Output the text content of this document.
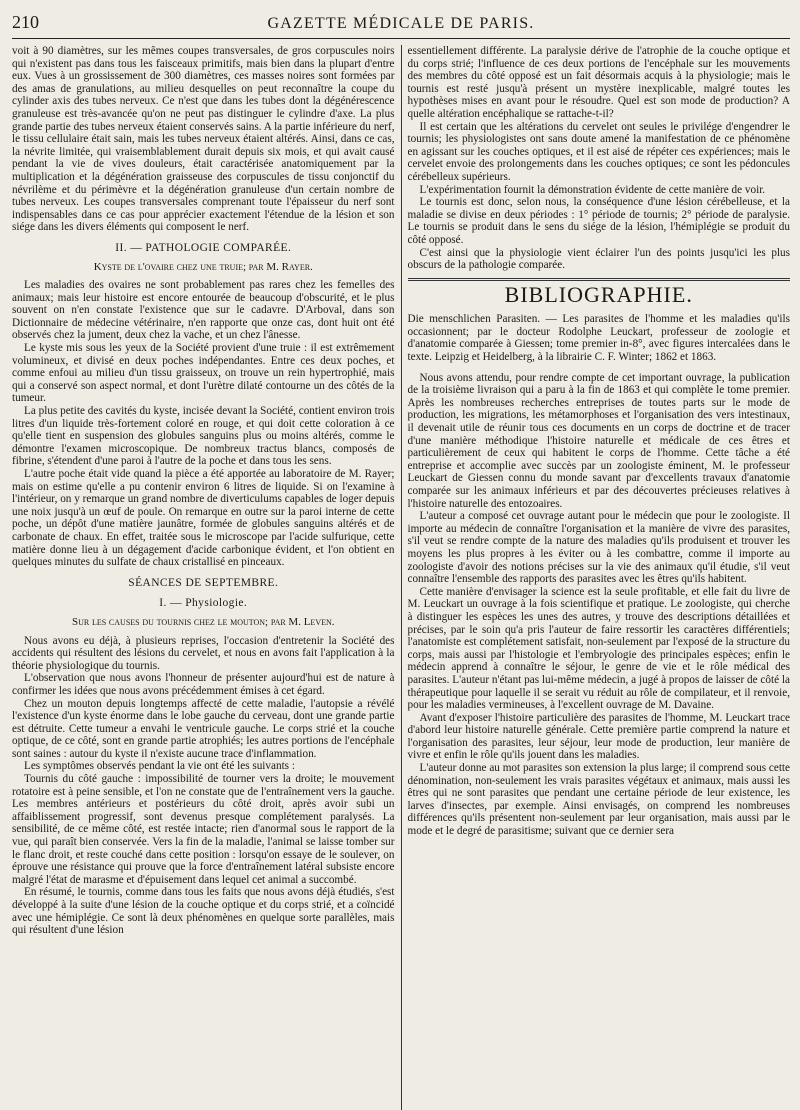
210	GAZETTE MÉDICALE DE PARIS.

voit à 90 diamètres, sur les mêmes coupes transversales, de gros corpuscules noirs qui n'existent pas dans tous les faisceaux primitifs, mais bien dans la plupart d'entre eux. Vues à un grossissement de 300 diamètres, ces masses noires sont formées par des amas de granulations, au milieu desquelles on peut reconnaître la coupe du cylinder axis des tubes nerveux. Ce n'est que dans les tubes dont la dégénérescence granuleuse est très-avancée qu'on ne peut pas distinguer le cylindre d'axe. La plus grande partie des tubes nerveux étaient conservés sains. A la partie inférieure du nerf, le tissu cellulaire était sain, mais les tubes nerveux étaient altérés. Ainsi, dans ce cas, la névrite limitée, qui vraisemblablement durait depuis six mois, et qui avait causé pendant la vie de vives douleurs, était caractérisée anatomiquement par la multiplication et la dégénération graisseuse des corpuscules de tissu conjonctif du névrilème et du périmèvre et la dégénération granuleuse d'un certain nombre de tubes nerveux. Les coupes transversales comprenant toute l'épaisseur du nerf sont indispensables dans ce cas pour apprécier exactement l'étendue de la lésion et son siége dans les divers éléments qui composent le nerf.

II. — PATHOLOGIE COMPARÉE.
Kyste de l'ovaire chez une truie; par M. Rayer.

Les maladies des ovaires ne sont probablement pas rares chez les femelles des animaux; mais leur histoire est encore entourée de beaucoup d'obscurité, et le plus souvent on n'en constate l'existence que sur le cadavre. D'Arboval, dans son Dictionnaire de médecine vétérinaire, n'en rapporte que onze cas, dont huit ont été observés chez la jument, deux chez la vache, et un chez l'ânesse.

Le kyste mis sous les yeux de la Société provient d'une truie : il est extrêmement volumineux, et divisé en deux poches indépendantes. Entre ces deux poches, et comme enfoui au milieu d'un tissu graisseux, on trouve un rein hypertrophié, mais qui a conservé son aspect normal, et dont l'urètre dilaté contourne un des côtés de la tumeur.

La plus petite des cavités du kyste, incisée devant la Société, contient environ trois litres d'un liquide très-fortement coloré en rouge, et qui doit cette coloration à ce qu'elle tient en suspension des globules sanguins plus ou moins altérés, comme le démontre l'examen microscopique. De nombreux tractus blancs, composés de fibrine, s'étendent d'une paroi à l'autre de la poche et dans tous les sens.

L'autre poche était vide quand la pièce a été apportée au laboratoire de M. Rayer; mais on estime qu'elle a pu contenir environ 6 litres de liquide. Si on l'examine à l'intérieur, on y remarque un grand nombre de diverticulums capables de loger depuis une noix jusqu'à un œuf de poule. On remarque en outre sur la paroi interne de cette poche, un dépôt d'une matière jaunâtre, formée de globules sanguins altérés et de carbonate de chaux. En effet, traitée sous le microscope par l'acide sulfurique, cette matière donne lieu à un dégagement d'acide carbonique évident, et l'on obtient en quelques minutes du sulfate de chaux cristallisé en pinceaux.

SÉANCES DE SEPTEMBRE.
I. — Physiologie.
Sur les causes du tournis chez le mouton; par M. Leven.

Nous avons eu déjà, à plusieurs reprises, l'occasion d'entretenir la Société des accidents qui résultent des lésions du cervelet, et nous en avons fait l'application à la théorie physiologique du tournis.

L'observation que nous avons l'honneur de présenter aujourd'hui est de nature à confirmer les idées que nous avons précédemment émises à cet égard.

Chez un mouton depuis longtemps affecté de cette maladie, l'autopsie a révélé l'existence d'un kyste énorme dans le lobe gauche du cerveau, dont une grande partie est détruite. Cette tumeur a envahi le ventricule gauche. Le corps strié et la couche optique, de ce côté, sont en grande partie atrophiés; les autres portions de l'encéphale sont saines : autour du kyste il n'existe aucune trace d'inflammation.

Les symptômes observés pendant la vie ont été les suivants :

Tournis du côté gauche : impossibilité de tourner vers la droite; le mouvement rotatoire est à peine sensible, et l'on ne constate que de l'entraînement vers la gauche. Les membres antérieurs et postérieurs du côté droit, après avoir subi un affaiblissement progressif, sont devenus presque complétement paralysés. La sensibilité, de ce même côté, est restée intacte; rien d'anormal sous le rapport de la vue, qui paraît bien conservée. Vers la fin de la maladie, l'animal se laisse tomber sur le flanc droit, et reste couché dans cette position : lorsqu'on essaye de le soulever, on éprouve une résistance qui prouve que la force d'entraînement latéral subsiste encore malgré l'état de marasme et d'épuisement dans lequel cet animal a succombé.

En résumé, le tournis, comme dans tous les faits que nous avons déjà étudiés, s'est développé à la suite d'une lésion de la couche optique et du corps strié, et a coïncidé avec une hémiplégie. Ce sont là deux phénomènes en quelque sorte parallèles, mais qui résultent d'une lésion

essentiellement différente. La paralysie dérive de l'atrophie de la couche optique et du corps strié; l'influence de ces deux portions de l'encéphale sur les mouvements des membres du côté opposé est un fait désormais acquis à la physiologie; mais le tournis est resté jusqu'à présent un mystère inexplicable, malgré toutes les hypothèses mises en avant pour le résoudre. Quel est son mode de production? A quelle altération encéphalique se rattache-t-il?

Il est certain que les altérations du cervelet ont seules le privilége d'engendrer le tournis; les physiologistes ont sans doute amené la manifestation de ce phénomène en agissant sur les couches optiques, et il est aisé de répéter ces expériences; mais le cervelet envoie des prolongements dans les couches optiques; ce sont les pédoncules cérébelleux supérieurs.

L'expérimentation fournit la démonstration évidente de cette manière de voir.

Le tournis est donc, selon nous, la conséquence d'une lésion cérébelleuse, et la maladie se divise en deux périodes : 1° période de tournis; 2° période de paralysie. Le tournis se produit dans le sens du siége de la lésion, l'hémiplégie se produit du côté opposé.

C'est ainsi que la physiologie vient éclairer l'un des points jusqu'ici les plus obscurs de la pathologie comparée.

BIBLIOGRAPHIE.

Die menschlichen Parasiten. — Les parasites de l'homme et les maladies qu'ils occasionnent; par le docteur Rodolphe Leuckart, professeur de zoologie et d'anatomie comparée à Giessen; tome premier in-8°, avec figures intercalées dans le texte. Leipzig et Heidelberg, à la librairie C. F. Winter; 1862 et 1863.

Nous avons attendu, pour rendre compte de cet important ouvrage, la publication de la troisième livraison qui a paru à la fin de 1863 et qui complète le tome premier. Après les nombreuses recherches entreprises de toutes parts sur le mode de production, les migrations, les métamorphoses et l'organisation des vers intestinaux, il devenait utile de réunir tous ces documents en un corps de doctrine et de tracer d'une manière méthodique l'histoire naturelle et médicale de ces êtres et particulièrement de ceux qui habitent le corps de l'homme. Cette tâche a été entreprise et accomplie avec succès par un zoologiste éminent, M. le professeur Leuckart de Giessen connu du monde savant par d'excellents travaux d'anatomie comparée sur les animaux inférieurs et par des découvertes précieuses relatives à l'histoire naturelle des entozoaires.

L'auteur a composé cet ouvrage autant pour le médecin que pour le zoologiste. Il importe au médecin de connaître l'organisation et la manière de vivre des parasites, s'il veut se rendre compte de la nature des maladies qu'ils produisent et trouver les moyens les plus propres à les éviter ou à les combattre, comme il importe au zoologiste d'avoir des notions précises sur la vie des animaux qu'il étudie, s'il veut connaître l'ensemble des rapports des parasites avec les êtres qu'ils habitent.

Cette manière d'envisager la science est la seule profitable, et elle fait du livre de M. Leuckart un ouvrage à la fois scientifique et pratique. Le zoologiste, qui cherche à distinguer les espèces les unes des autres, y trouve des descriptions détaillées et précises, par le soin qu'a pris l'auteur de faire ressortir les caractères différentiels; l'anatomiste est complétement satisfait, non-seulement par l'exposé de la structure du corps, mais aussi par l'histologie et l'embryologie des principales espèces; enfin le médecin apprend à connaître le séjour, le genre de vie et le rôle médical des parasites. L'auteur n'étant pas lui-même médecin, a jugé à propos de laisser de côté la thérapeutique pour laquelle il se serait vu réduit au rôle de compilateur, et il renvoie, pour les maladies vermineuses, à l'excellent ouvrage de M. Davaine.

Avant d'exposer l'histoire particulière des parasites de l'homme, M. Leuckart trace d'abord leur histoire naturelle générale. Cette première partie comprend la nature et l'organisation des parasites, leur séjour, leur mode de production, leur manière de vivre et enfin le rôle qu'ils jouent dans les maladies.

L'auteur donne au mot parasites son extension la plus large; il comprend sous cette dénomination, non-seulement les vrais parasites végétaux et animaux, mais aussi les êtres qui ne sont parasites que pendant une certaine période de leur existence, les larves d'insectes, par exemple. Ainsi envisagés, on comprend les nombreuses différences qu'ils présentent non-seulement par leur organisation, mais aussi par le mode et le degré de parasitisme; suivant que ce dernier sera
